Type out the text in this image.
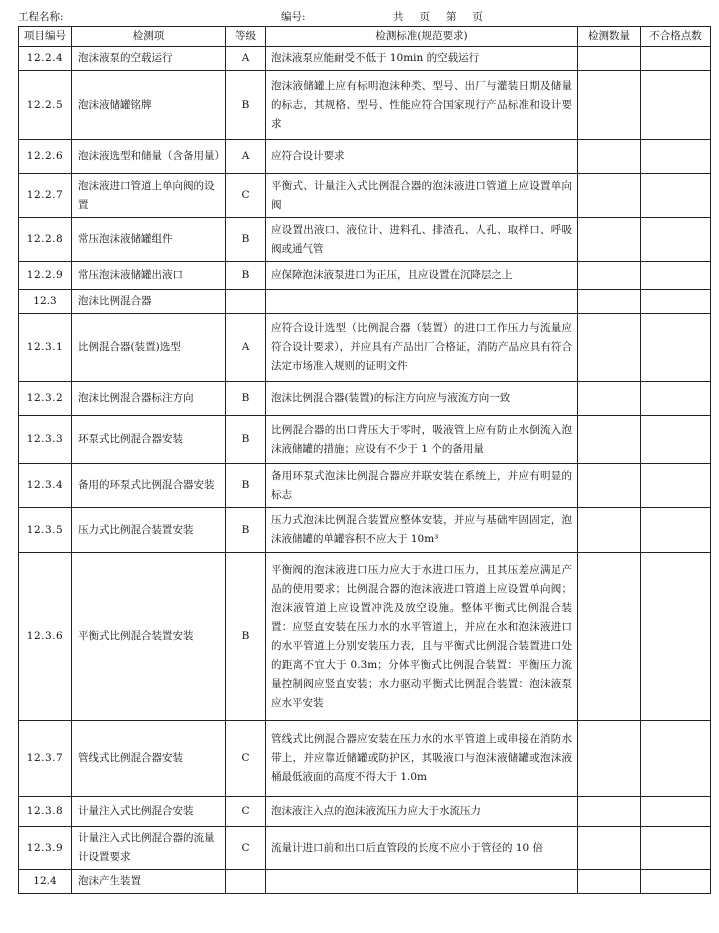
工程名称:	编号:	共 页 第 页
项目编号	检测项	等级	检测标准(规范要求)	检测数量	不合格点数
12.2.4	泡沫液泵的空载运行	A	泡沫液泵应能耐受不低于 10min 的空载运行		
12.2.5	泡沫液储罐铭牌	B	泡沫液储罐上应有标明泡沫种类、型号、出厂与灌装日期及储量的标志，其规格、型号、性能应符合国家现行产品标准和设计要求		
12.2.6	泡沫液选型和储量（含备用量）	A	应符合设计要求		
12.2.7	泡沫液进口管道上单向阀的设置	C	平衡式、计量注入式比例混合器的泡沫液进口管道上应设置单向阀		
12.2.8	常压泡沫液储罐组件	B	应设置出液口、液位计、进料孔、排渣孔、人孔、取样口、呼吸阀或通气管		
12.2.9	常压泡沫液储罐出液口	B	应保障泡沫液泵进口为正压，且应设置在沉降层之上		
12.3	泡沫比例混合器				
12.3.1	比例混合器(装置)选型	A	应符合设计选型（比例混合器（装置）的进口工作压力与流量应符合设计要求），并应具有产品出厂合格证，消防产品应具有符合法定市场准入规则的证明文件		
12.3.2	泡沫比例混合器标注方向	B	泡沫比例混合器(装置)的标注方向应与液流方向一致		
12.3.3	环泵式比例混合器安装	B	比例混合器的出口背压大于零时，吸液管上应有防止水倒流入泡沫液储罐的措施；应设有不少于 1 个的备用量		
12.3.4	备用的环泵式比例混合器安装	B	备用环泵式泡沫比例混合器应并联安装在系统上，并应有明显的标志		
12.3.5	压力式比例混合装置安装	B	压力式泡沫比例混合装置应整体安装，并应与基础牢固固定，泡沫液储罐的单罐容积不应大于 10m³		
12.3.6	平衡式比例混合装置安装	B	平衡阀的泡沫液进口压力应大于水进口压力，且其压差应满足产品的使用要求；比例混合器的泡沫液进口管道上应设置单向阀；泡沫液管道上应设置冲洗及放空设施。整体平衡式比例混合装置：应竖直安装在压力水的水平管道上，并应在水和泡沫液进口的水平管道上分别安装压力表，且与平衡式比例混合装置进口处的距离不宜大于 0.3m；分体平衡式比例混合装置：平衡压力流量控制阀应竖直安装；水力驱动平衡式比例混合装置：泡沫液泵应水平安装		
12.3.7	管线式比例混合器安装	C	管线式比例混合器应安装在压力水的水平管道上或串接在消防水带上，并应靠近储罐或防护区，其吸液口与泡沫液储罐或泡沫液桶最低液面的高度不得大于 1.0m		
12.3.8	计量注入式比例混合安装	C	泡沫液注入点的泡沫液流压力应大于水流压力		
12.3.9	计量注入式比例混合器的流量计设置要求	C	流量计进口前和出口后直管段的长度不应小于管径的 10 倍		
12.4	泡沫产生装置				
